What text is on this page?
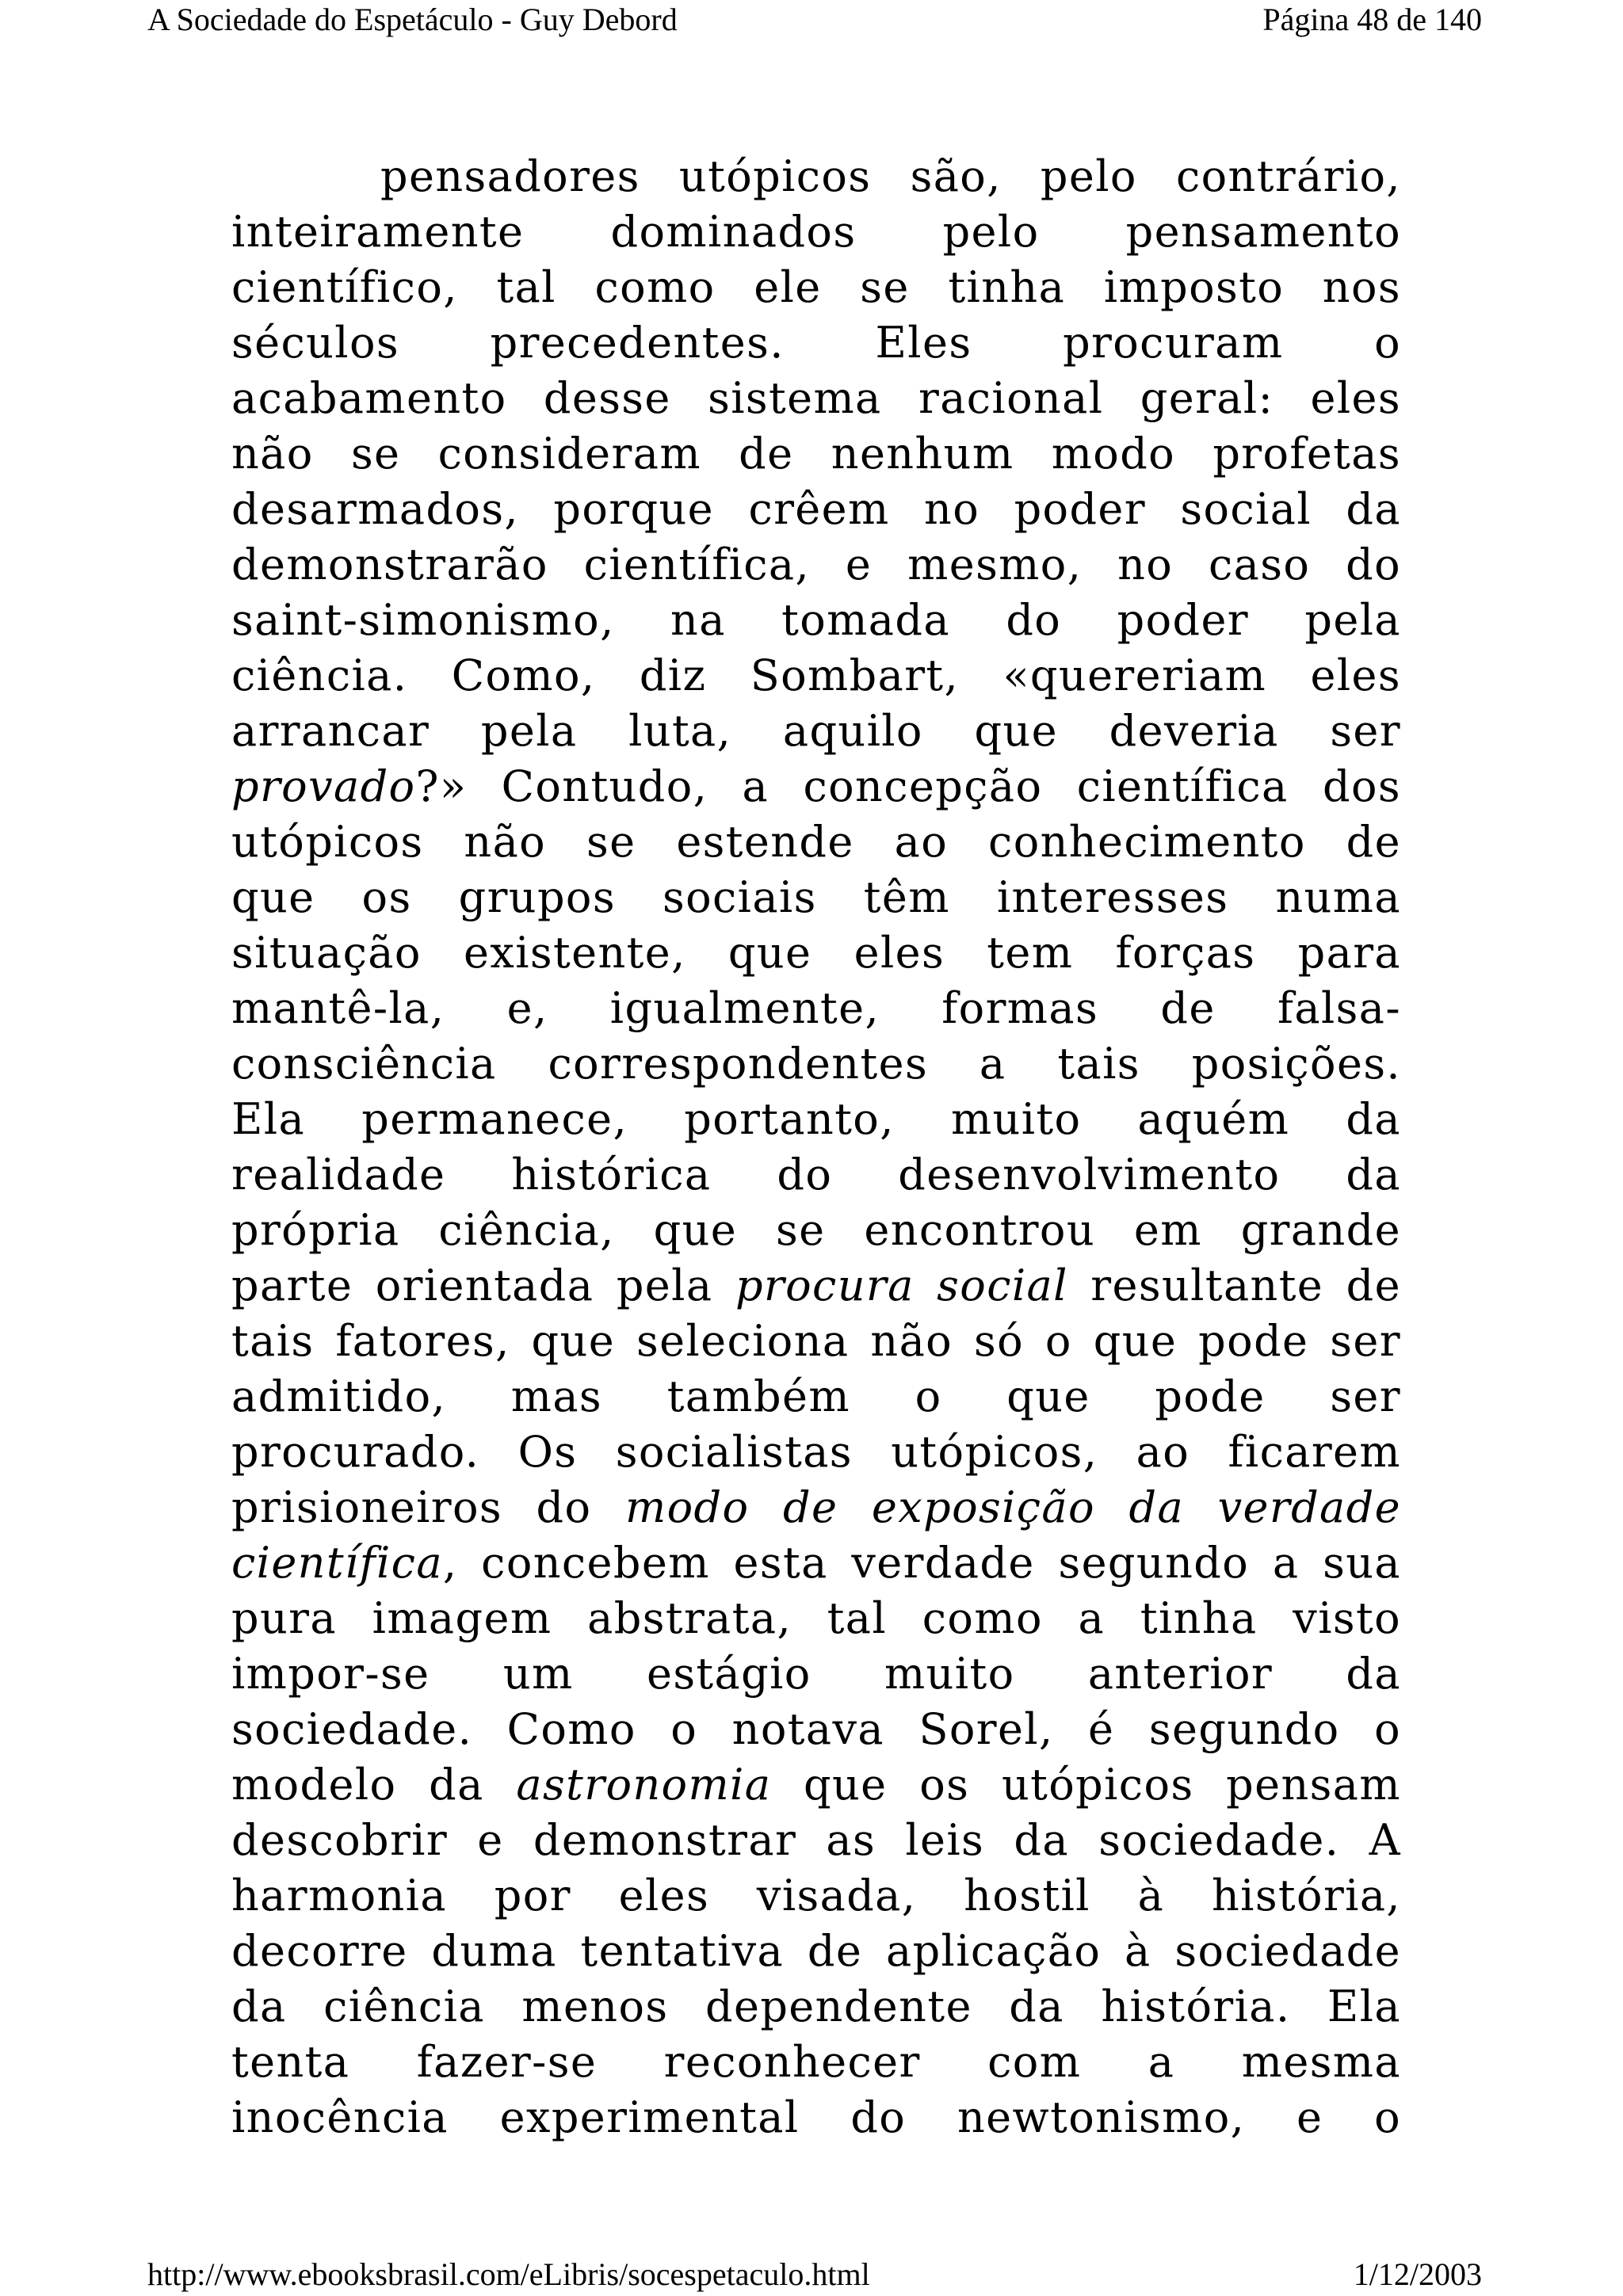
A Sociedade do Espetáculo - Guy Debord	Página 48 de 140
pensadores utópicos são, pelo contrário,
inteiramente dominados pelo pensamento
científico, tal como ele se tinha imposto nos
séculos precedentes. Eles procuram o
acabamento desse sistema racional geral: eles
não se consideram de nenhum modo profetas
desarmados, porque crêem no poder social da
demonstrarão científica, e mesmo, no caso do
saint-simonismo, na tomada do poder pela
ciência. Como, diz Sombart, «quereriam eles
arrancar pela luta, aquilo que deveria ser
provado?» Contudo, a concepção científica dos
utópicos não se estende ao conhecimento de
que os grupos sociais têm interesses numa
situação existente, que eles tem forças para
mantê-la, e, igualmente, formas de falsa-
consciência correspondentes a tais posições.
Ela permanece, portanto, muito aquém da
realidade histórica do desenvolvimento da
própria ciência, que se encontrou em grande
parte orientada pela procura social resultante de
tais fatores, que seleciona não só o que pode ser
admitido, mas também o que pode ser
procurado. Os socialistas utópicos, ao ficarem
prisioneiros do modo de exposição da verdade
científica, concebem esta verdade segundo a sua
pura imagem abstrata, tal como a tinha visto
impor-se um estágio muito anterior da
sociedade. Como o notava Sorel, é segundo o
modelo da astronomia que os utópicos pensam
descobrir e demonstrar as leis da sociedade. A
harmonia por eles visada, hostil à história,
decorre duma tentativa de aplicação à sociedade
da ciência menos dependente da história. Ela
tenta fazer-se reconhecer com a mesma
inocência experimental do newtonismo, e o
http://www.ebooksbrasil.com/eLibris/socespetaculo.html	1/12/2003
